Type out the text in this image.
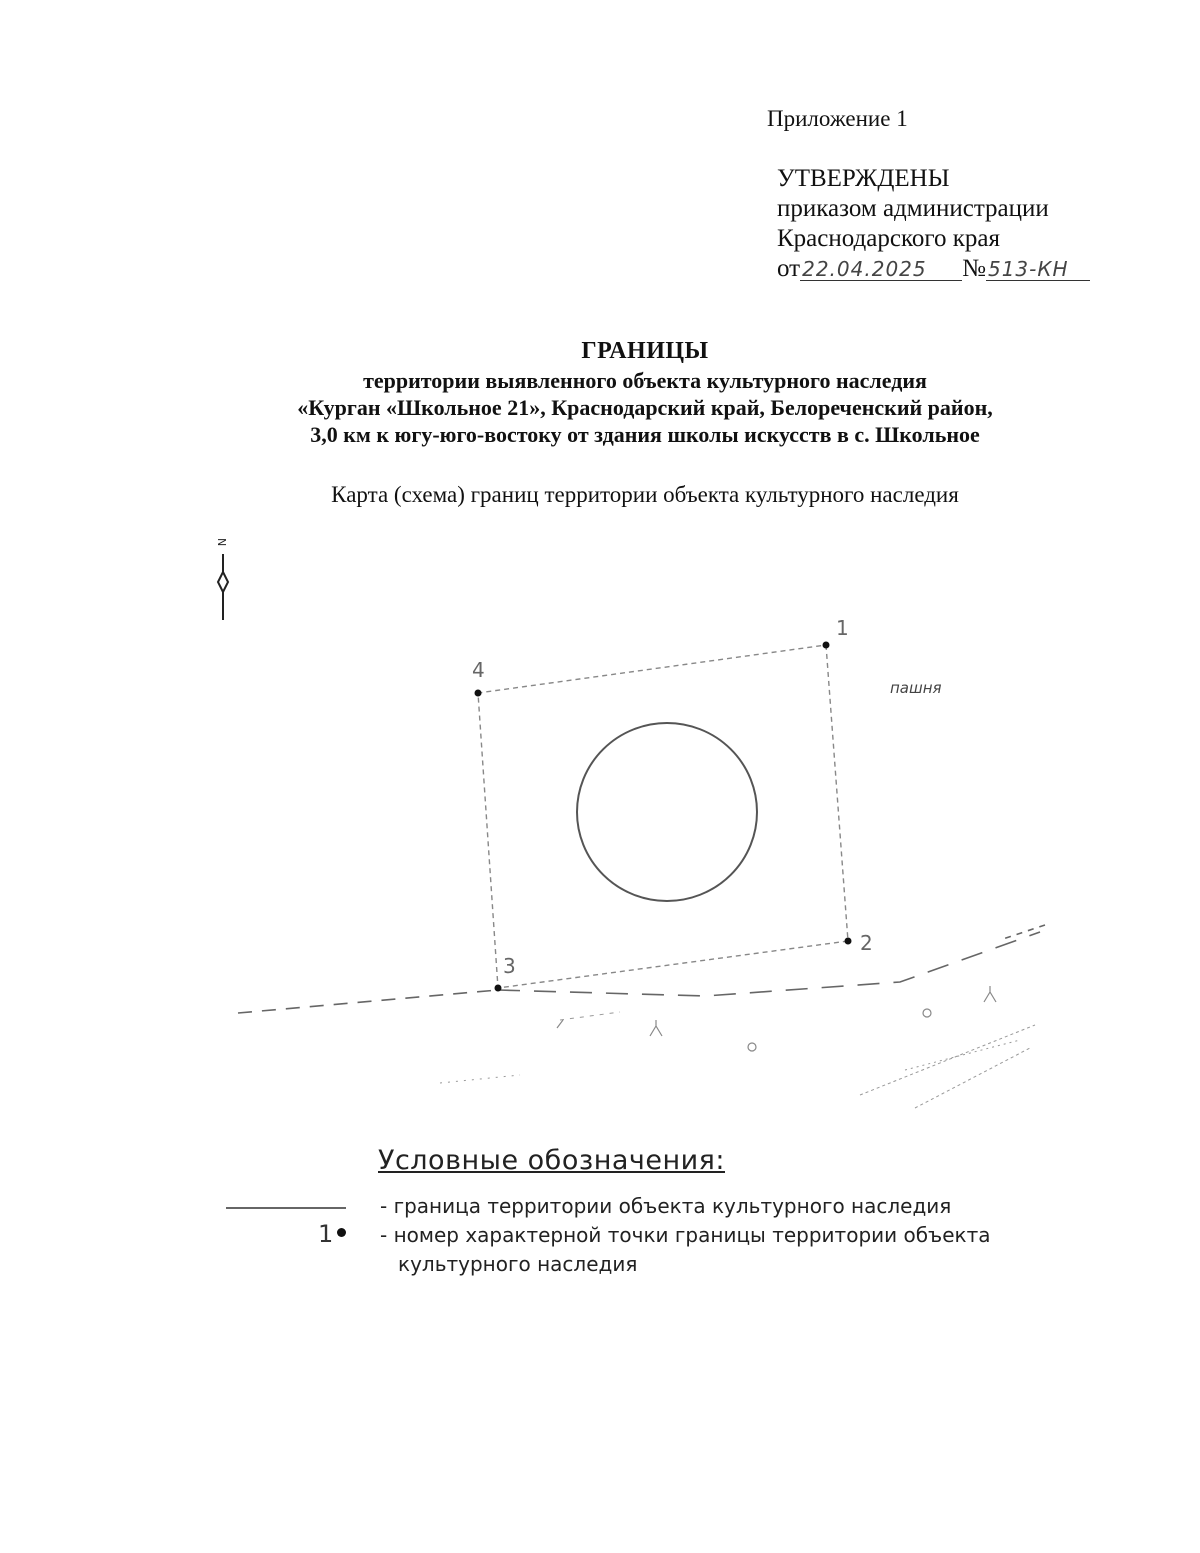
Приложение 1
УТВЕРЖДЕНЫ
приказом администрации
Краснодарского края
от 22.04.2025 № 513-КН
ГРАНИЦЫ
территории выявленного объекта культурного наследия
«Курган «Школьное 21», Краснодарский край, Белореченский район,
3,0 км к югу-юго-востоку от здания школы искусств в с. Школьное
Карта (схема) границ территории объекта культурного наследия
N
пашня
1
2
3
4
Условные обозначения:
- граница территории объекта культурного наследия
1 - номер характерной точки границы территории объекта
культурного наследия
